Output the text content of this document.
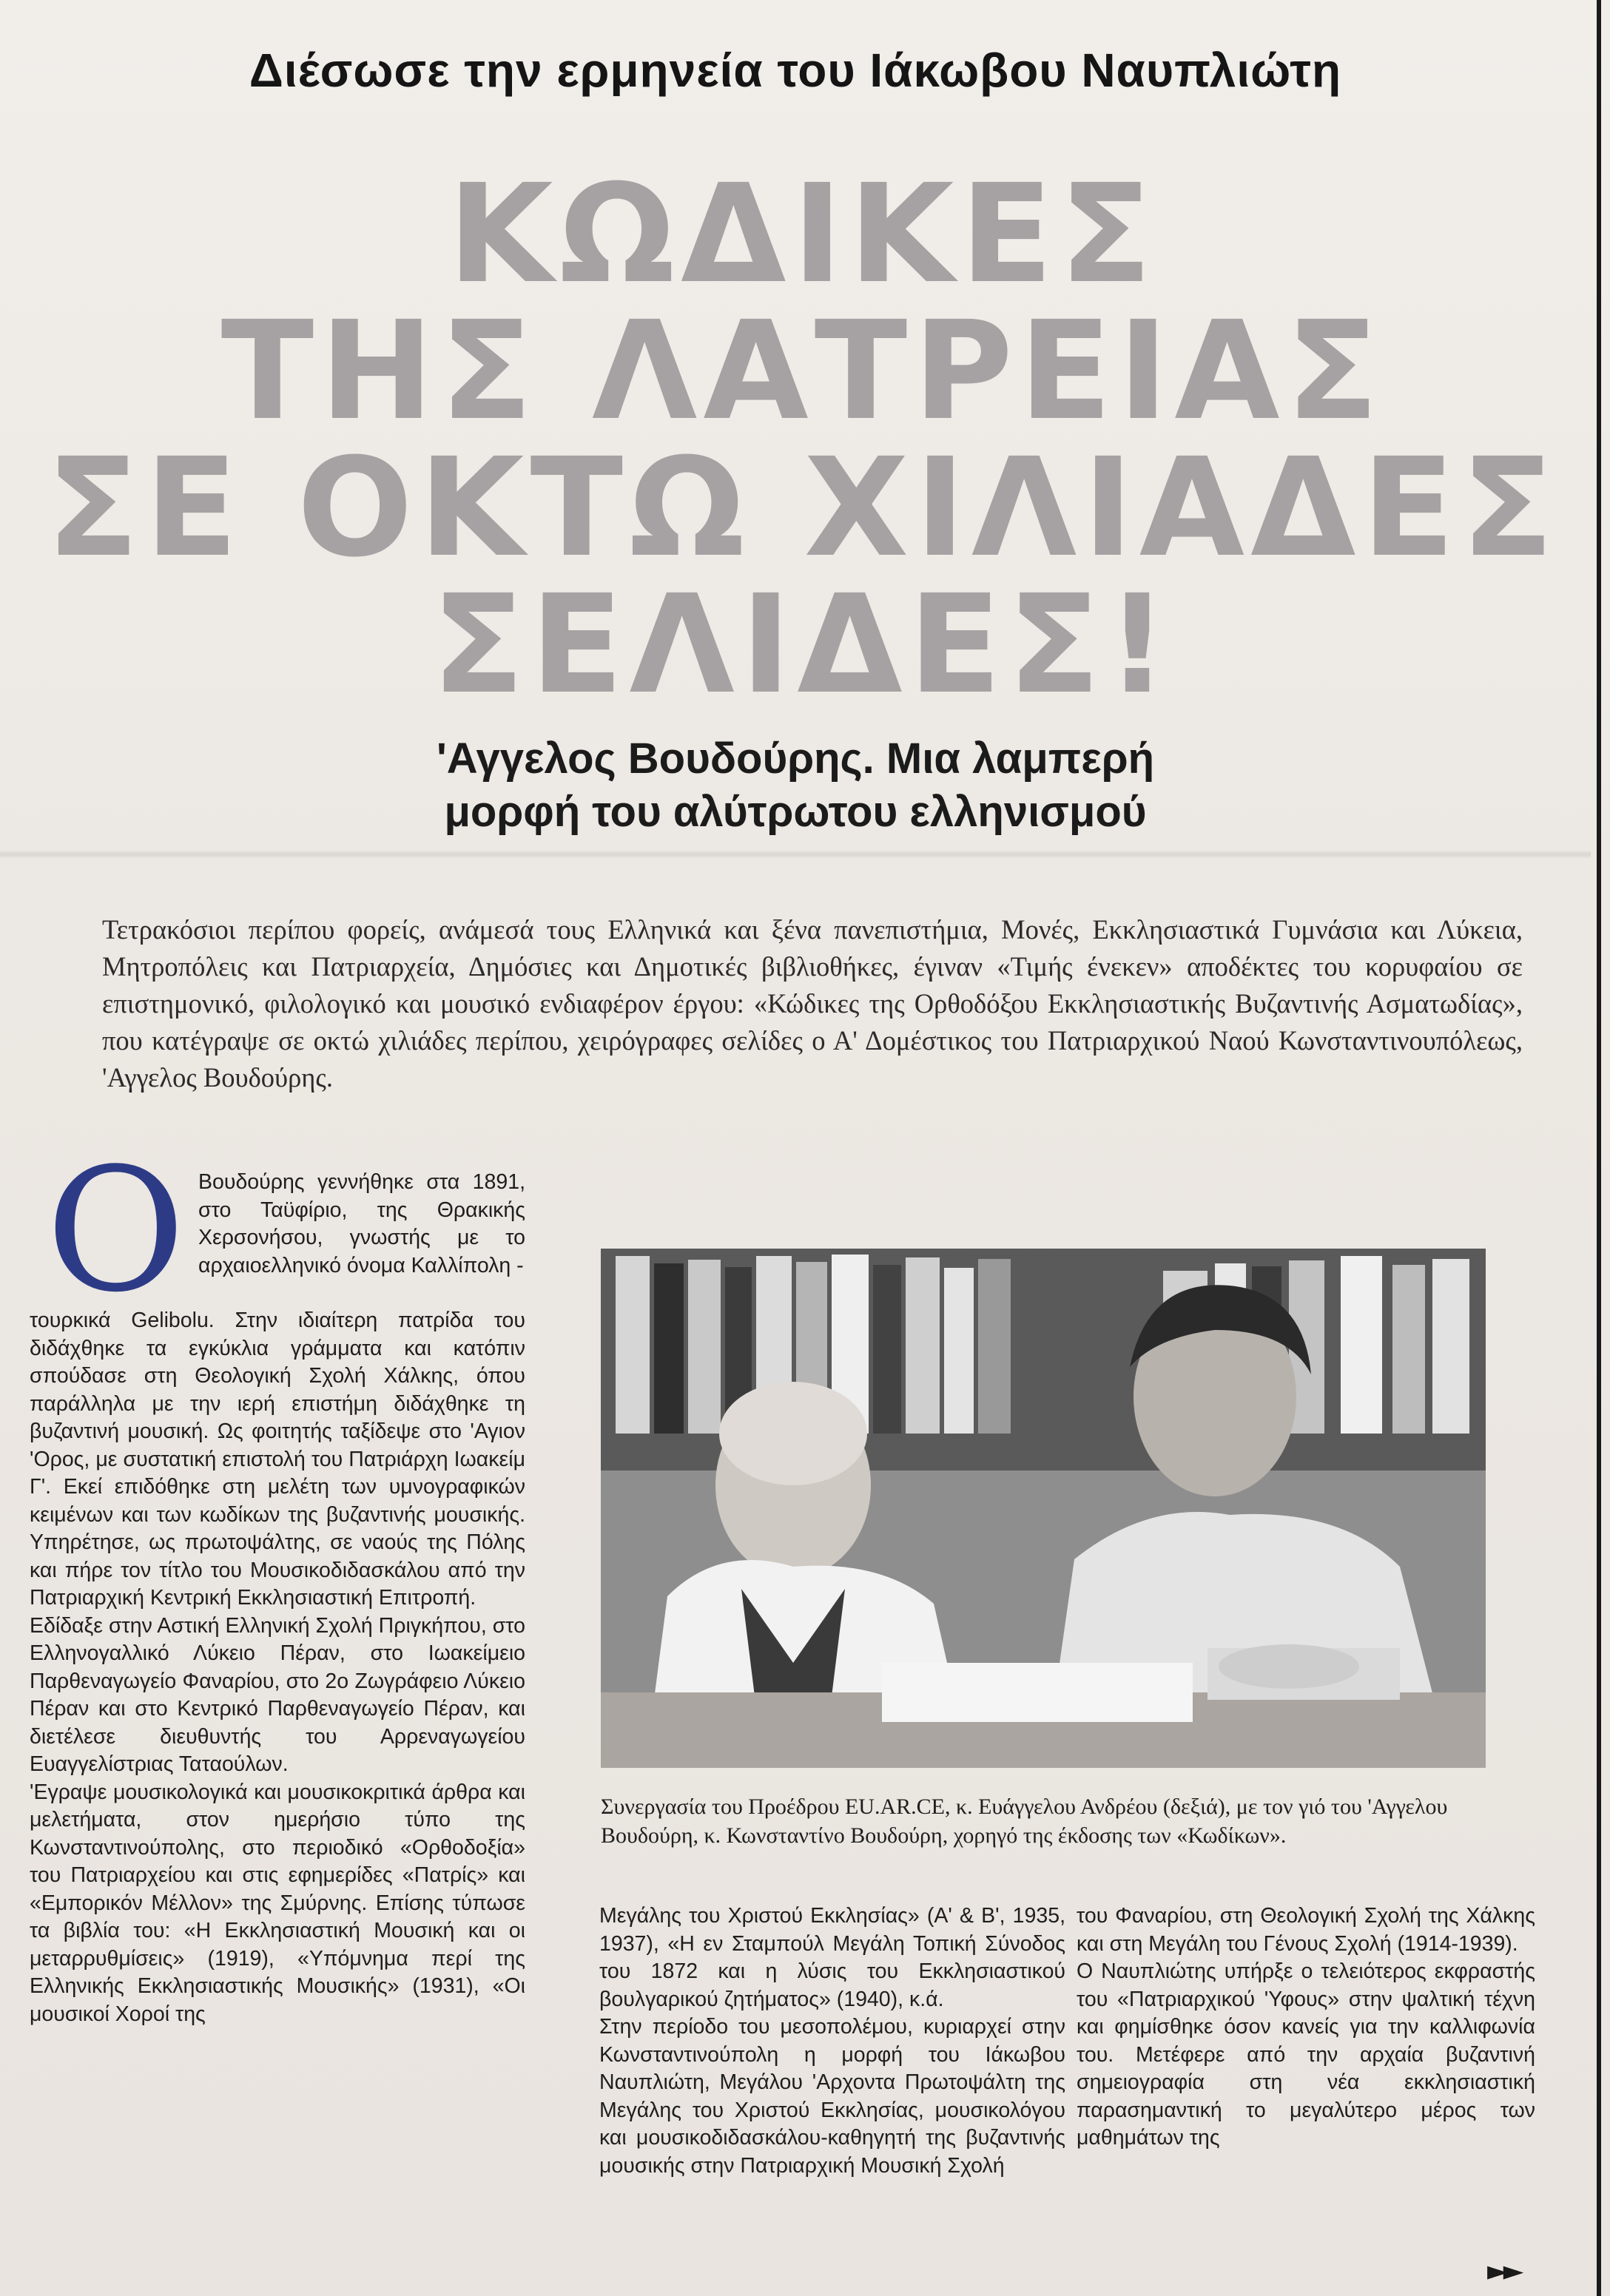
Διέσωσε την ερμηνεία του Ιάκωβου Ναυπλιώτη
ΚΩΔΙΚΕΣ
ΤΗΣ ΛΑΤΡΕΙΑΣ
ΣΕ ΟΚΤΩ ΧΙΛΙΑΔΕΣ
ΣΕΛΙΔΕΣ!
'Αγγελος Βουδούρης. Μια λαμπερή
μορφή του αλύτρωτου ελληνισμού
Τετρακόσιοι περίπου φορείς, ανάμεσά τους Ελληνικά και ξένα πανεπιστήμια, Μονές, Εκκλησιαστικά Γυμνάσια και Λύκεια, Μητροπόλεις και Πατριαρχεία, Δημόσιες και Δημοτικές βιβλιοθήκες, έγιναν «Τιμής ένεκεν» αποδέκτες του κορυφαίου σε επιστημονικό, φιλολογικό και μουσικό ενδιαφέρον έργου: «Κώδικες της Ορθοδόξου Εκκλησιαστικής Βυζαντινής Ασματωδίας», που κατέγραψε σε οκτώ χιλιάδες περίπου, χειρόγραφες σελίδες ο Α' Δομέστικος του Πατριαρχικού Ναού Κωνσταντινουπόλεως, 'Αγγελος Βουδούρης.
Ο Βουδούρης γεννήθηκε στα 1891, στο Ταϋφίριο, της Θρακικής Χερσονήσου, γνωστής με το αρχαιοελληνικό όνομα Καλλίπολη -

τουρκικά Gelibolu. Στην ιδιαίτερη πατρίδα του διδάχθηκε τα εγκύκλια γράμματα και κατόπιν σπούδασε στη Θεολογική Σχολή Χάλκης, όπου παράλληλα με την ιερή επιστήμη διδάχθηκε τη βυζαντινή μουσική. Ως φοιτητής ταξίδεψε στο 'Αγιον 'Ορος, με συστατική επιστολή του Πατριάρχη Ιωακείμ Γ'. Εκεί επιδόθηκε στη μελέτη των υμνογραφικών κειμένων και των κωδίκων της βυζαντινής μουσικής. Υπηρέτησε, ως πρωτοψάλτης, σε ναούς της Πόλης και πήρε τον τίτλο του Μουσικοδιδασκάλου από την Πατριαρχική Κεντρική Εκκλησιαστική Επιτροπή.

Εδίδαξε στην Αστική Ελληνική Σχολή Πριγκήπου, στο Ελληνογαλλικό Λύκειο Πέραν, στο Ιωακείμειο Παρθεναγωγείο Φαναρίου, στο 2ο Ζωγράφειο Λύκειο Πέραν και στο Κεντρικό Παρθεναγωγείο Πέραν, και διετέλεσε διευθυντής του Αρρεναγωγείου Ευαγγελίστριας Ταταούλων.

'Εγραψε μουσικολογικά και μουσικοκριτικά άρθρα και μελετήματα, στον ημερήσιο τύπο της Κωνσταντινούπολης, στο περιοδικό «Ορθοδοξία» του Πατριαρχείου και στις εφημερίδες «Πατρίς» και «Εμπορικόν Μέλλον» της Σμύρνης. Επίσης τύπωσε τα βιβλία του: «Η Εκκλησιαστική Μουσική και οι μεταρρυθμίσεις» (1919), «Υπόμνημα περί της Ελληνικής Εκκλησιαστικής Μουσικής» (1931), «Οι μουσικοί Χοροί της

Συνεργασία του Προέδρου EU.AR.CE, κ. Ευάγγελου Ανδρέου (δεξιά), με τον γιό του 'Αγγελου Βουδούρη, κ. Κωνσταντίνο Βουδούρη, χορηγό της έκδοσης των «Κωδίκων».

Μεγάλης του Χριστού Εκκλησίας» (Α' & Β', 1935, 1937), «Η εν Σταμπούλ Μεγάλη Τοπική Σύνοδος του 1872 και η λύσις του Εκκλησιαστικού βουλγαρικού ζητήματος» (1940), κ.ά.

Στην περίοδο του μεσοπολέμου, κυριαρχεί στην Κωνσταντινούπολη η μορφή του Ιάκωβου Ναυπλιώτη, Μεγάλου 'Αρχοντα Πρωτοψάλτη της Μεγάλης του Χριστού Εκκλησίας, μουσικολόγου και μουσικοδιδασκάλου-καθηγητή της βυζαντινής μουσικής στην Πατριαρχική Μουσική Σχολή

του Φαναρίου, στη Θεολογική Σχολή της Χάλκης και στη Μεγάλη του Γένους Σχολή (1914-1939).

Ο Ναυπλιώτης υπήρξε ο τελειότερος εκφραστής του «Πατριαρχικού 'Υφους» στην ψαλτική τέχνη και φημίσθηκε όσον κανείς για την καλλιφωνία του. Μετέφερε από την αρχαία βυζαντινή σημειογραφία στη νέα εκκλησιαστική παρασημαντική το μεγαλύτερο μέρος των μαθημάτων της

►►
